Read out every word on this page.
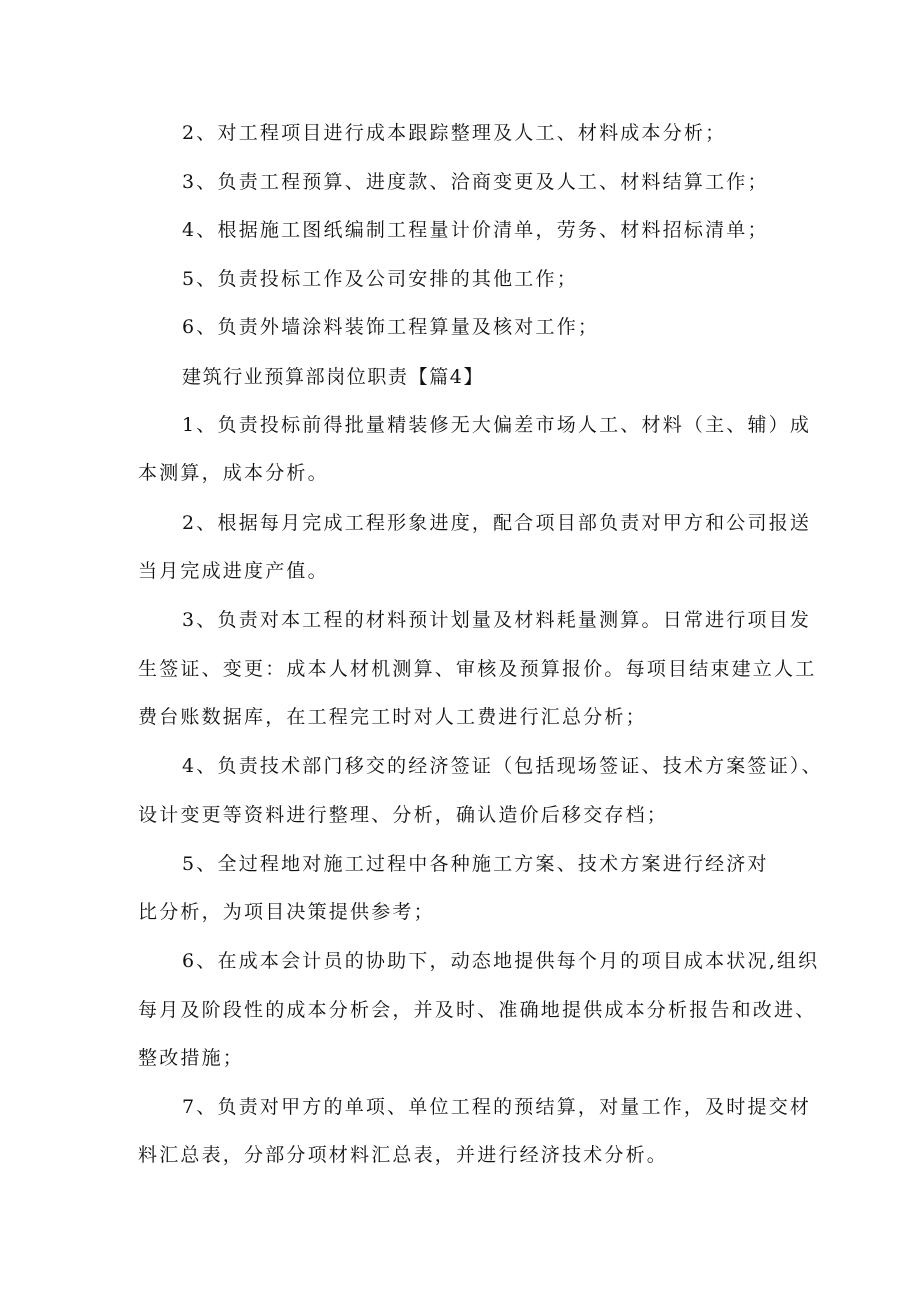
2、对工程项目进行成本跟踪整理及人工、材料成本分析；
3、负责工程预算、进度款、洽商变更及人工、材料结算工作；
4、根据施工图纸编制工程量计价清单，劳务、材料招标清单；
5、负责投标工作及公司安排的其他工作；
6、负责外墙涂料装饰工程算量及核对工作；
建筑行业预算部岗位职责【篇4】
1、负责投标前得批量精装修无大偏差市场人工、材料（主、辅）成
本测算，成本分析。
2、根据每月完成工程形象进度，配合项目部负责对甲方和公司报送
当月完成进度产值。
3、负责对本工程的材料预计划量及材料耗量测算。日常进行项目发
生签证、变更：成本人材机测算、审核及预算报价。每项目结束建立人工
费台账数据库，在工程完工时对人工费进行汇总分析；
4、负责技术部门移交的经济签证（包括现场签证、技术方案签证）、
设计变更等资料进行整理、分析，确认造价后移交存档；
5、全过程地对施工过程中各种施工方案、技术方案进行经济对
比分析，为项目决策提供参考；
6、在成本会计员的协助下，动态地提供每个月的项目成本状况,组织
每月及阶段性的成本分析会，并及时、准确地提供成本分析报告和改进、
整改措施；
7、负责对甲方的单项、单位工程的预结算，对量工作，及时提交材
料汇总表，分部分项材料汇总表，并进行经济技术分析。
